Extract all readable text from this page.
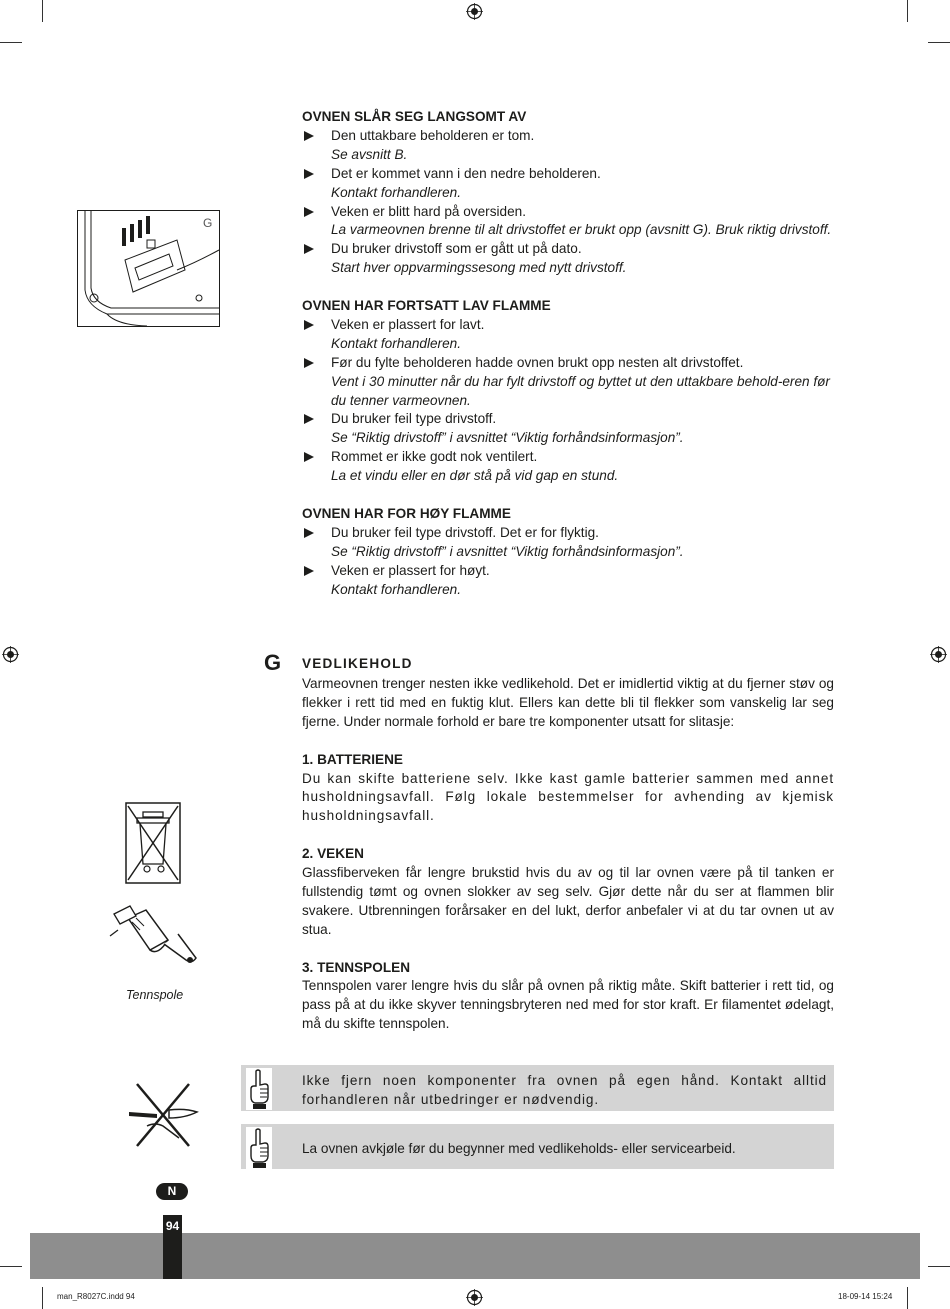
G

OVNEN SLÅR SEG LANGSOMT AV

Den uttakbare beholderen er tom.
Se avsnitt B.
Det er kommet vann i den nedre beholderen.
Kontakt forhandleren.
Veken er blitt hard på oversiden.
La varmeovnen brenne til alt drivstoffet er brukt opp (avsnitt G). Bruk riktig drivstoff.
Du bruker drivstoff som er gått ut på dato.
Start hver oppvarmingssesong med nytt drivstoff.

OVNEN HAR FORTSATT LAV FLAMME

Veken er plassert for lavt.
Kontakt forhandleren.
Før du fylte beholderen hadde ovnen brukt opp nesten alt drivstoffet.
Vent i 30 minutter når du har fylt drivstoff og byttet ut den uttakbare behold-eren før du tenner varmeovnen.
Du bruker feil type drivstoff.
Se “Riktig drivstoff” i avsnittet “Viktig forhåndsinformasjon”.
Rommet er ikke godt nok ventilert.
La et vindu eller en dør stå på vid gap en stund.

OVNEN HAR FOR HØY FLAMME

Du bruker feil type drivstoff. Det er for flyktig.
Se “Riktig drivstoff” i avsnittet “Viktig forhåndsinformasjon”.
Veken er plassert for høyt.
Kontakt forhandleren.
G VEDLIKEHOLD

Varmeovnen trenger nesten ikke vedlikehold. Det er imidlertid viktig at du fjerner støv og flekker i rett tid med en fuktig klut. Ellers kan dette bli til flekker som vanskelig lar seg fjerne. Under normale forhold er bare tre komponenter utsatt for slitasje:

1. BATTERIENE

Du kan skifte batteriene selv. Ikke kast gamle batterier sammen med annet husholdningsavfall. Følg lokale bestemmelser for avhending av kjemisk husholdningsavfall.

2. VEKEN

Glassfiberveken får lengre brukstid hvis du av og til lar ovnen være på til tanken er fullstendig tømt og ovnen slokker av seg selv. Gjør dette når du ser at flammen blir svakere. Utbrenningen forårsaker en del lukt, derfor anbefaler vi at du tar ovnen ut av stua.

3. TENNSPOLEN

Tennspolen varer lengre hvis du slår på ovnen på riktig måte. Skift batterier i rett tid, og pass på at du ikke skyver tenningsbryteren ned med for stor kraft. Er filamentet ødelagt, må du skifte tennspolen.

Tennspole
Ikke fjern noen komponenter fra ovnen på egen hånd. Kontakt alltid forhandleren når utbedringer er nødvendig.
La ovnen avkjøle før du begynner med vedlikeholds- eller servicearbeid.
N
94
man_R8027C.indd 94	18-09-14 15:24
